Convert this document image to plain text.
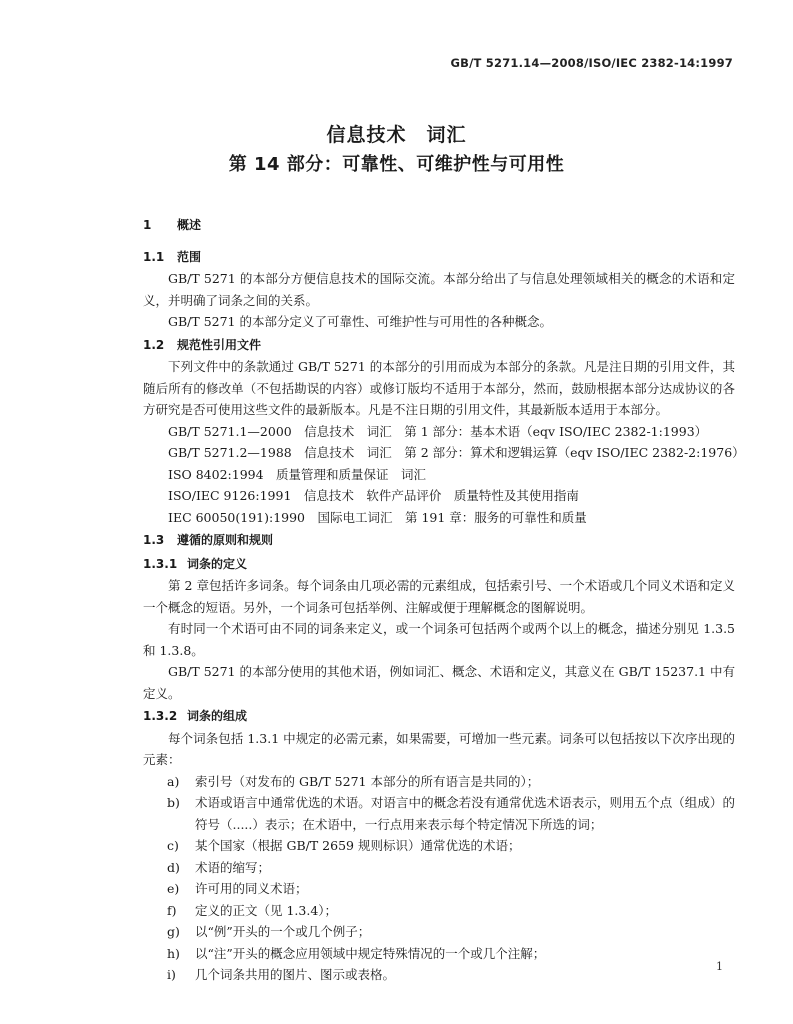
GB/T 5271.14—2008/ISO/IEC 2382-14:1997
信息技术　词汇
第 14 部分：可靠性、可维护性与可用性
1 概述
1.1 范围

GB/T 5271 的本部分方便信息技术的国际交流。本部分给出了与信息处理领域相关的概念的术语和定义，并明确了词条之间的关系。

GB/T 5271 的本部分定义了可靠性、可维护性与可用性的各种概念。

1.2 规范性引用文件

下列文件中的条款通过 GB/T 5271 的本部分的引用而成为本部分的条款。凡是注日期的引用文件，其随后所有的修改单（不包括勘误的内容）或修订版均不适用于本部分，然而，鼓励根据本部分达成协议的各方研究是否可使用这些文件的最新版本。凡是不注日期的引用文件，其最新版本适用于本部分。

GB/T 5271.1—2000　信息技术　词汇　第 1 部分：基本术语（eqv ISO/IEC 2382-1:1993）

GB/T 5271.2—1988　信息技术　词汇　第 2 部分：算术和逻辑运算（eqv ISO/IEC 2382-2:1976）

ISO 8402:1994　质量管理和质量保证　词汇

ISO/IEC 9126:1991　信息技术　软件产品评价　质量特性及其使用指南

IEC 60050(191):1990　国际电工词汇　第 191 章：服务的可靠性和质量

1.3 遵循的原则和规则
1.3.1 词条的定义

第 2 章包括许多词条。每个词条由几项必需的元素组成，包括索引号、一个术语或几个同义术语和定义一个概念的短语。另外，一个词条可包括举例、注解或便于理解概念的图解说明。

有时同一个术语可由不同的词条来定义，或一个词条可包括两个或两个以上的概念，描述分别见 1.3.5 和 1.3.8。

GB/T 5271 的本部分使用的其他术语，例如词汇、概念、术语和定义，其意义在 GB/T 15237.1 中有定义。

1.3.2 词条的组成

每个词条包括 1.3.1 中规定的必需元素，如果需要，可增加一些元素。词条可以包括按以下次序出现的元素：

a) 索引号（对发布的 GB/T 5271 本部分的所有语言是共同的）；
b) 术语或语言中通常优选的术语。对语言中的概念若没有通常优选术语表示，则用五个点（组成）的符号（.....）表示；在术语中，一行点用来表示每个特定情况下所选的词；
c) 某个国家（根据 GB/T 2659 规则标识）通常优选的术语；
d) 术语的缩写；
e) 许可用的同义术语；
f) 定义的正文（见 1.3.4）；
g) 以“例”开头的一个或几个例子；
h) 以“注”开头的概念应用领域中规定特殊情况的一个或几个注解；
i) 几个词条共用的图片、图示或表格。
1
